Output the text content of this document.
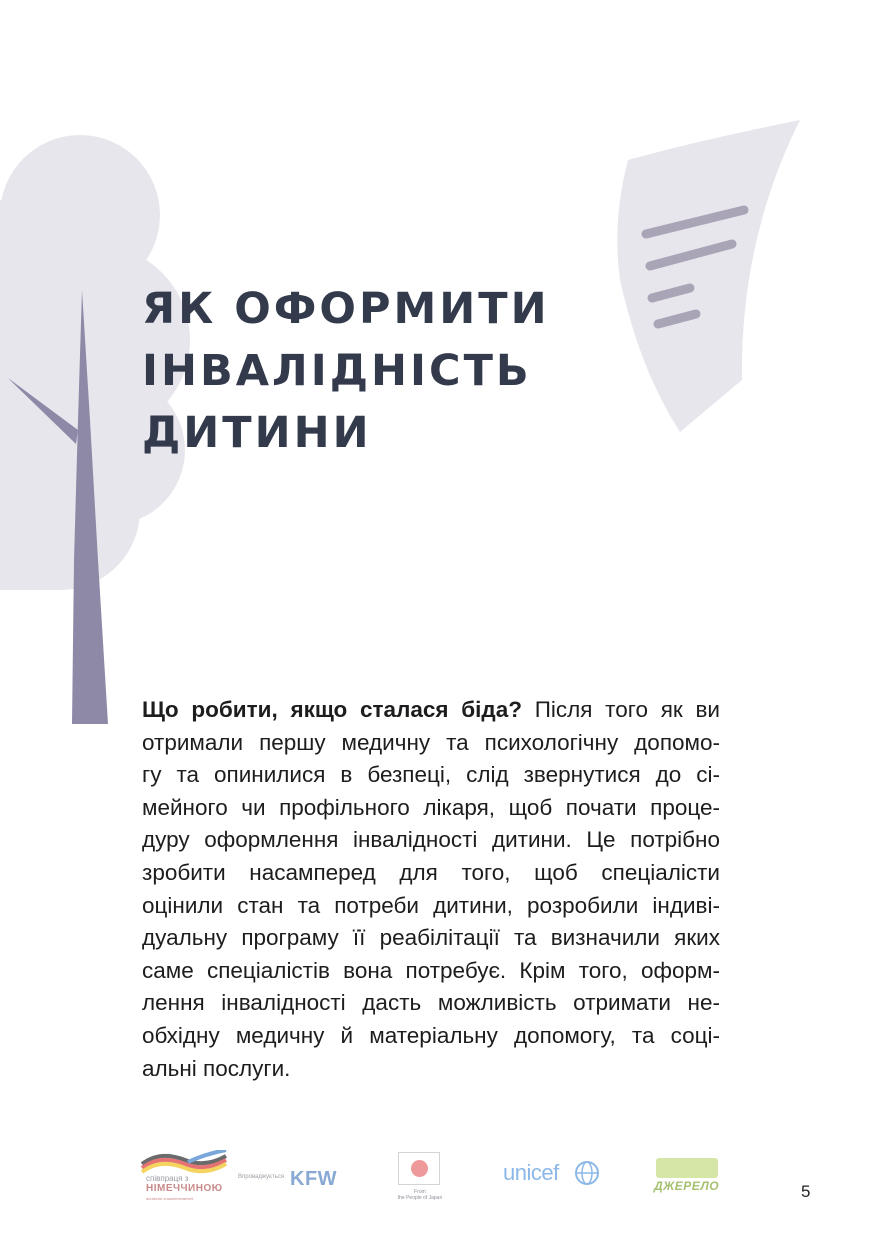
ЯК ОФОРМИТИ
ІНВАЛІДНІСТЬ
ДИТИНИ
Що робити, якщо сталася біда? Після того як ви
отримали першу медичну та психологічну допомо-
гу та опинилися в безпеці, слід звернутися до сі-
мейного чи профільного лікаря, щоб почати проце-
дуру оформлення інвалідності дитини. Це потрібно
зробити насамперед для того, щоб спеціалісти
оцінили стан та потреби дитини, розробили індиві-
дуальну програму її реабілітації та визначили яких
саме спеціалістів вона потребує. Крім того, оформ-
лення інвалідності дасть можливість отримати не-
обхідну медичну й матеріальну допомогу, та соці-
альні послуги.
співпраця з
НІМЕЧЧИНОЮ
deutsche zusammenarbeit
Впроваджується KFW
From
the People of Japan
unicef
ДЖЕРЕЛО	5
